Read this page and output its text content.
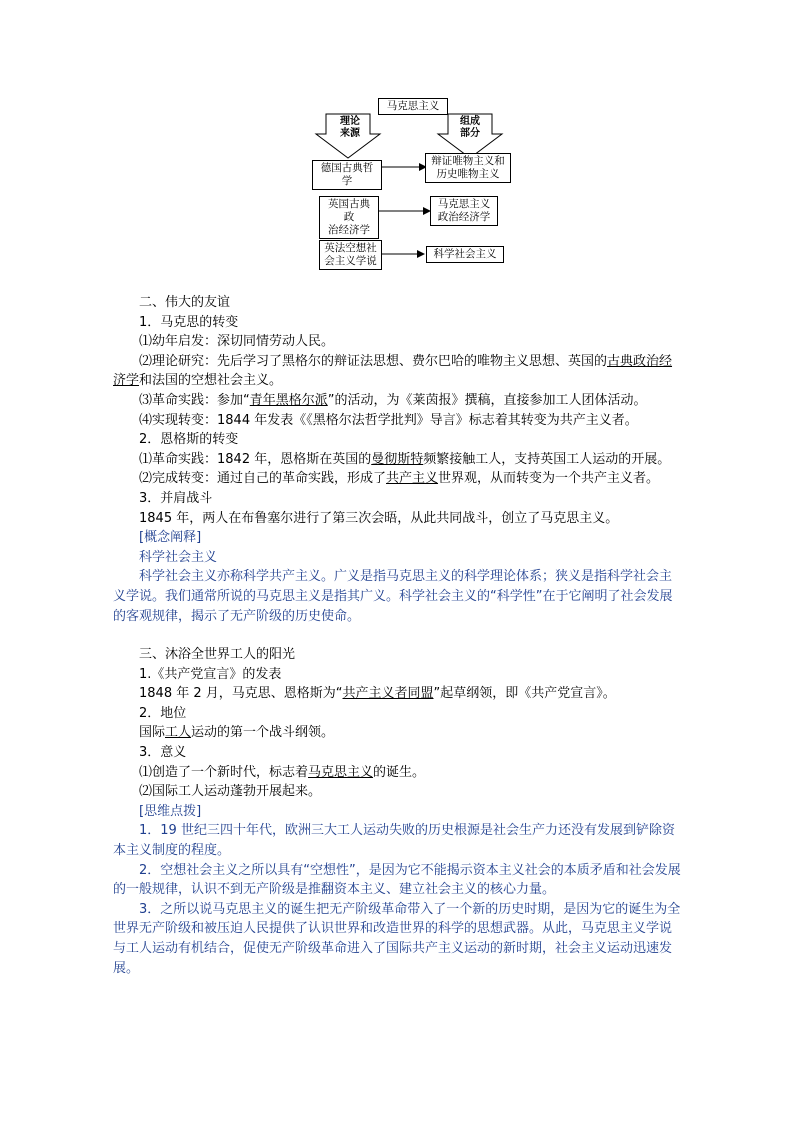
马克思主义
理论
来源
组成
部分
德国古典哲学
辩证唯物主义和
历史唯物主义
英国古典政
治经济学
马克思主义
政治经济学
英法空想社
会主义学说
科学社会主义
二、伟大的友谊
1．马克思的转变
⑴幼年启发：深切同情劳动人民。
⑵理论研究：先后学习了黑格尔的辩证法思想、费尔巴哈的唯物主义思想、英国的古典政治经济学和法国的空想社会主义。
⑶革命实践：参加“青年黑格尔派”的活动，为《莱茵报》撰稿，直接参加工人团体活动。
⑷实现转变：1844 年发表《《黑格尔法哲学批判》导言》标志着其转变为共产主义者。
2．恩格斯的转变
⑴革命实践：1842 年，恩格斯在英国的曼彻斯特频繁接触工人，支持英国工人运动的开展。
⑵完成转变：通过自己的革命实践，形成了共产主义世界观，从而转变为一个共产主义者。
3．并肩战斗
1845 年，两人在布鲁塞尔进行了第三次会晤，从此共同战斗，创立了马克思主义。
[概念阐释]
科学社会主义
科学社会主义亦称科学共产主义。广义是指马克思主义的科学理论体系；狭义是指科学社会主义学说。我们通常所说的马克思主义是指其广义。科学社会主义的“科学性”在于它阐明了社会发展的客观规律，揭示了无产阶级的历史使命。
三、沐浴全世界工人的阳光
1.《共产党宣言》的发表
1848 年 2 月，马克思、恩格斯为“共产主义者同盟”起草纲领，即《共产党宣言》。
2．地位
国际工人运动的第一个战斗纲领。
3．意义
⑴创造了一个新时代，标志着马克思主义的诞生。
⑵国际工人运动蓬勃开展起来。
[思维点拨]
1．19 世纪三四十年代，欧洲三大工人运动失败的历史根源是社会生产力还没有发展到铲除资本主义制度的程度。
2．空想社会主义之所以具有“空想性”，是因为它不能揭示资本主义社会的本质矛盾和社会发展的一般规律，认识不到无产阶级是推翻资本主义、建立社会主义的核心力量。
3．之所以说马克思主义的诞生把无产阶级革命带入了一个新的历史时期，是因为它的诞生为全世界无产阶级和被压迫人民提供了认识世界和改造世界的科学的思想武器。从此，马克思主义学说与工人运动有机结合，促使无产阶级革命进入了国际共产主义运动的新时期，社会主义运动迅速发展。
